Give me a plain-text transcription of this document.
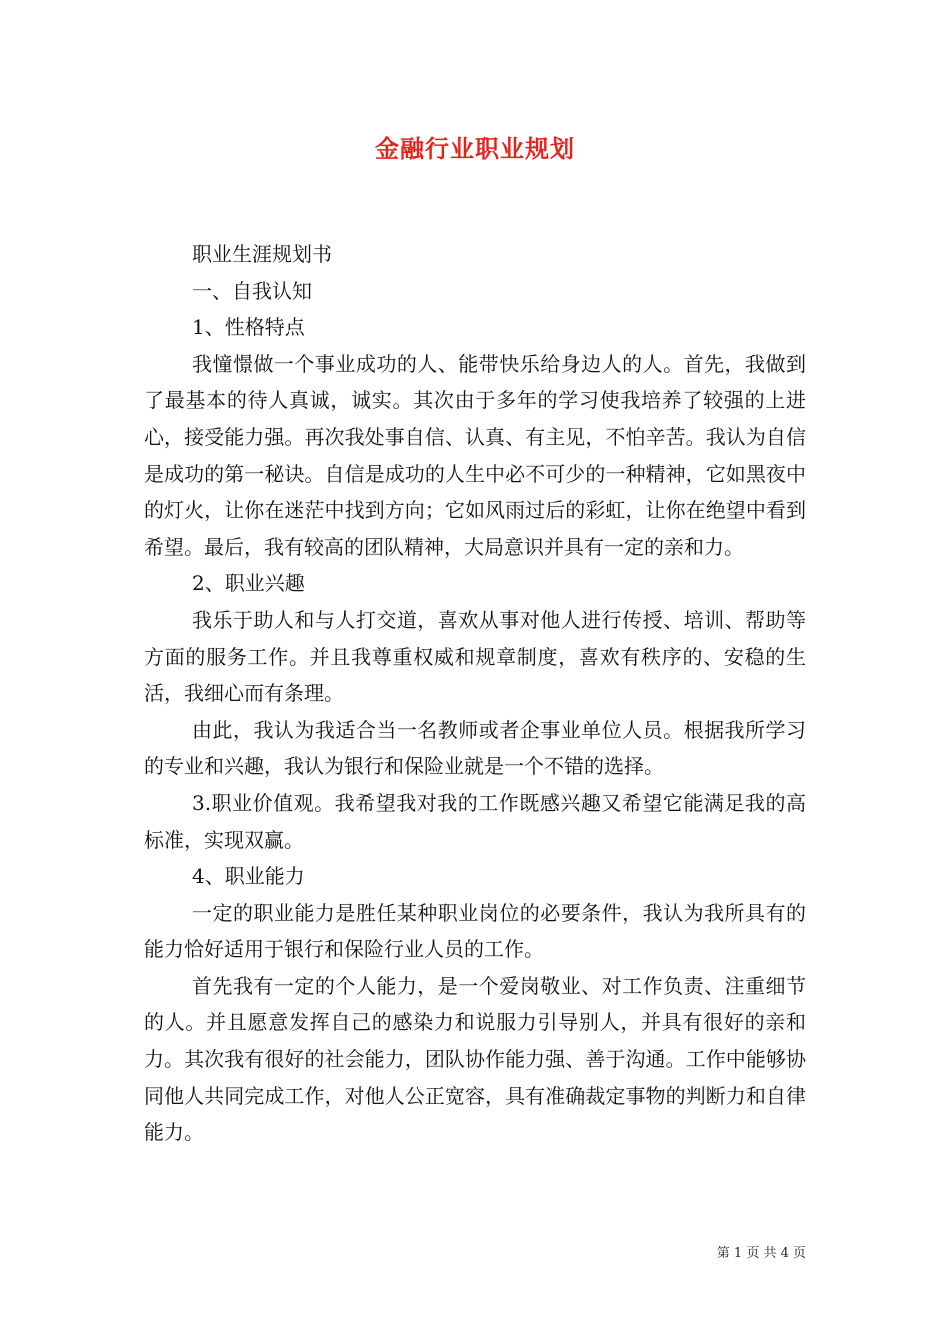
金融行业职业规划

职业生涯规划书

一、自我认知

1、性格特点

我憧憬做一个事业成功的人、能带快乐给身边人的人。首先，我做到了最基本的待人真诚，诚实。其次由于多年的学习使我培养了较强的上进心，接受能力强。再次我处事自信、认真、有主见，不怕辛苦。我认为自信是成功的第一秘诀。自信是成功的人生中必不可少的一种精神，它如黑夜中的灯火，让你在迷茫中找到方向；它如风雨过后的彩虹，让你在绝望中看到希望。最后，我有较高的团队精神，大局意识并具有一定的亲和力。

2、职业兴趣

我乐于助人和与人打交道，喜欢从事对他人进行传授、培训、帮助等方面的服务工作。并且我尊重权威和规章制度，喜欢有秩序的、安稳的生活，我细心而有条理。

由此，我认为我适合当一名教师或者企事业单位人员。根据我所学习的专业和兴趣，我认为银行和保险业就是一个不错的选择。

3.职业价值观。我希望我对我的工作既感兴趣又希望它能满足我的高标准，实现双赢。

4、职业能力

一定的职业能力是胜任某种职业岗位的必要条件，我认为我所具有的能力恰好适用于银行和保险行业人员的工作。

首先我有一定的个人能力，是一个爱岗敬业、对工作负责、注重细节的人。并且愿意发挥自己的感染力和说服力引导别人，并具有很好的亲和力。其次我有很好的社会能力，团队协作能力强、善于沟通。工作中能够协同他人共同完成工作，对他人公正宽容，具有准确裁定事物的判断力和自律能力。

第 1 页 共 4 页
